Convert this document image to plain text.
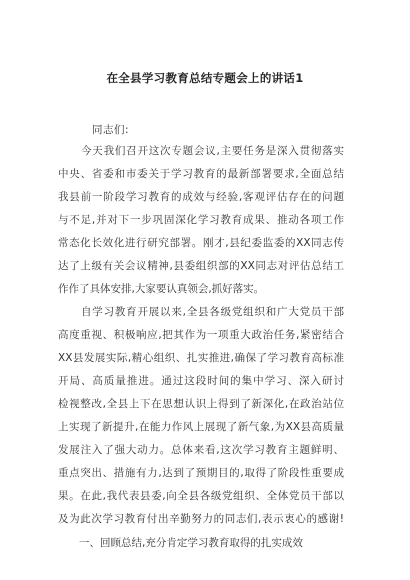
在全县学习教育总结专题会上的讲话1
同志们:
今天我们召开这次专题会议,主要任务是深入贯彻落实
中央、省委和市委关于学习教育的最新部署要求,全面总结
我县前一阶段学习教育的成效与经验,客观评估存在的问题
与不足,并对下一步巩固深化学习教育成果、推动各项工作
常态化长效化进行研究部署。刚才,县纪委监委的XX同志传
达了上级有关会议精神,县委组织部的XX同志对评估总结工
作作了具体安排,大家要认真领会,抓好落实。
自学习教育开展以来,全县各级党组织和广大党员干部
高度重视、积极响应,把其作为一项重大政治任务,紧密结合
XX县发展实际,精心组织、扎实推进,确保了学习教育高标准
开局、高质量推进。通过这段时间的集中学习、深入研讨
检视整改,全县上下在思想认识上得到了新深化,在政治站位
上实现了新提升,在能力作风上展现了新气象,为XX县高质量
发展注入了强大动力。总体来看,这次学习教育主题鲜明、
重点突出、措施有力,达到了预期目的,取得了阶段性重要成
果。在此,我代表县委,向全县各级党组织、全体党员干部以
及为此次学习教育付出辛勤努力的同志们,表示衷心的感谢!
一、回顾总结,充分肯定学习教育取得的扎实成效
